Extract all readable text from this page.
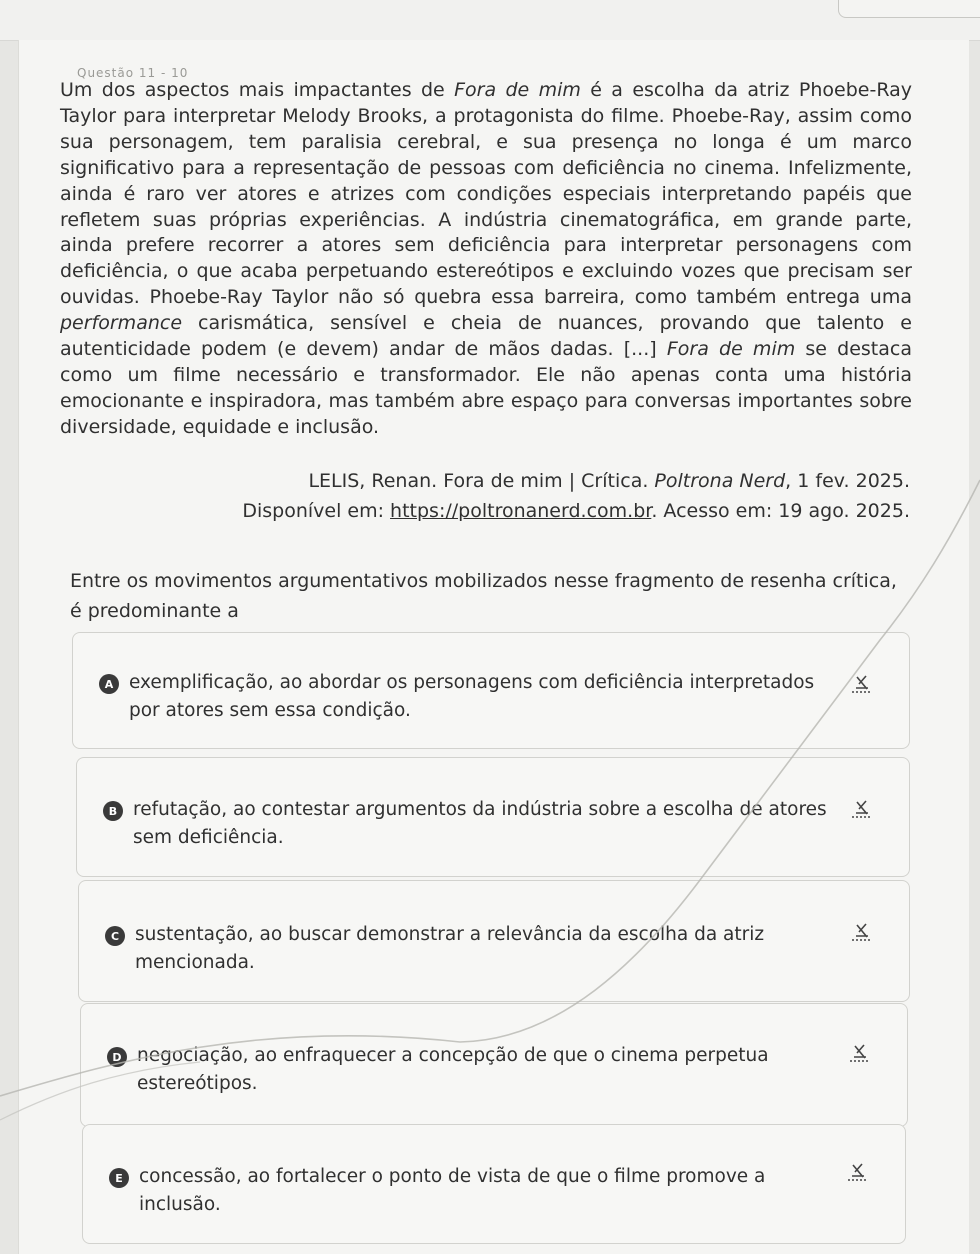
Questão 11 - 10
Um dos aspectos mais impactantes de Fora de mim é a escolha da atriz Phoebe-Ray Taylor para interpretar Melody Brooks, a protagonista do filme. Phoebe-Ray, assim como sua personagem, tem paralisia cerebral, e sua presença no longa é um marco significativo para a representação de pessoas com deficiência no cinema. Infelizmente, ainda é raro ver atores e atrizes com condições especiais interpretando papéis que refletem suas próprias experiências. A indústria cinematográfica, em grande parte, ainda prefere recorrer a atores sem deficiência para interpretar personagens com deficiência, o que acaba perpetuando estereótipos e excluindo vozes que precisam ser ouvidas. Phoebe-Ray Taylor não só quebra essa barreira, como também entrega uma performance carismática, sensível e cheia de nuances, provando que talento e autenticidade podem (e devem) andar de mãos dadas. [...] Fora de mim se destaca como um filme necessário e transformador. Ele não apenas conta uma história emocionante e inspiradora, mas também abre espaço para conversas importantes sobre diversidade, equidade e inclusão.
LELIS, Renan. Fora de mim | Crítica. Poltrona Nerd, 1 fev. 2025.
Disponível em: https://poltronanerd.com.br. Acesso em: 19 ago. 2025.
Entre os movimentos argumentativos mobilizados nesse fragmento de resenha crítica, é predominante a
A exemplificação, ao abordar os personagens com deficiência interpretados por atores sem essa condição.
B refutação, ao contestar argumentos da indústria sobre a escolha de atores sem deficiência.
C sustentação, ao buscar demonstrar a relevância da escolha da atriz mencionada.
D negociação, ao enfraquecer a concepção de que o cinema perpetua estereótipos.
E concessão, ao fortalecer o ponto de vista de que o filme promove a inclusão.
